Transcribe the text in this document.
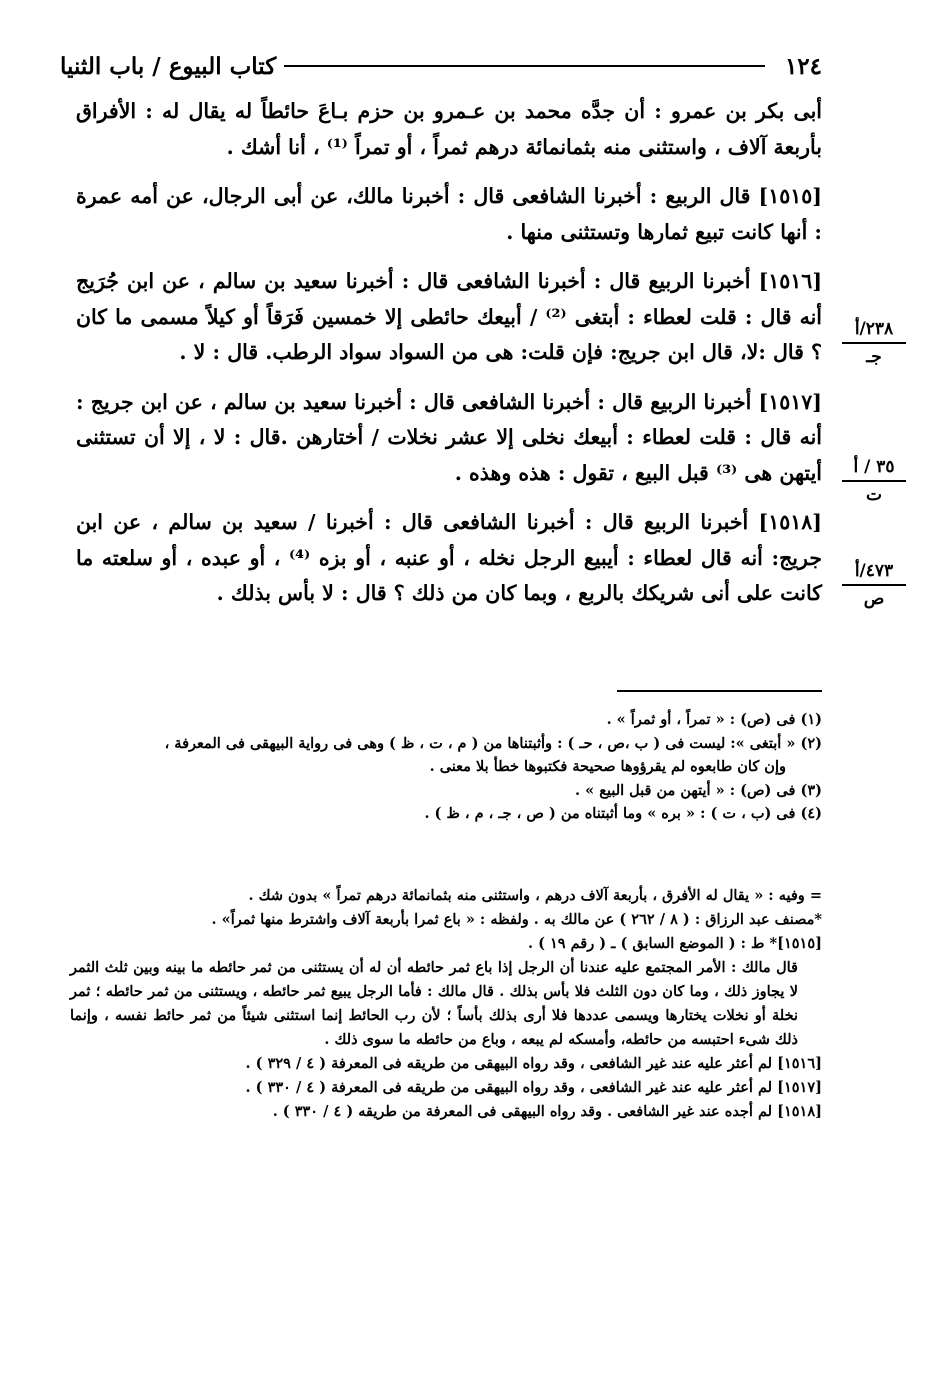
١٢٤
كتاب البيوع / باب الثنيا

أبى بكر بن عمرو : أن جدَّه محمد بن عـمرو بن حزم بـاعَ حائطاً له يقال له : الأفراق بأربعة آلاف ، واستثنى منه بثمانمائة درهم ثمراً ، أو تمراً ⁽¹⁾ ، أنا أشك .

[١٥١٥] قال الربيع : أخبرنا الشافعى قال : أخبرنا مالك، عن أبى الرجال، عن أمه عمرة : أنها كانت تبيع ثمارها وتستثنى منها .

[١٥١٦] أخبرنا الربيع قال : أخبرنا الشافعى قال : أخبرنا سعيد بن سالم ، عن ابن جُرَيج أنه قال : قلت لعطاء : أبتغى ⁽²⁾ / أبيعك حائطى إلا خمسين فَرَقاً أو كيلاً مسمى ما كان ؟ قال :لا، قال ابن جريج: فإن قلت: هى من السواد سواد الرطب. قال : لا .

[١٥١٧] أخبرنا الربيع قال : أخبرنا الشافعى قال : أخبرنا سعيد بن سالم ، عن ابن جريج : أنه قال : قلت لعطاء : أبيعك نخلى إلا عشر نخلات / أختارهن .قال : لا ، إلا أن تستثنى أيتهن هى ⁽³⁾ قبل البيع ، تقول : هذه وهذه .

[١٥١٨] أخبرنا الربيع قال : أخبرنا الشافعى قال : أخبرنا / سعيد بن سالم ، عن ابن جريج: أنه قال لعطاء : أيبيع الرجل نخله ، أو عنبه ، أو بزه ⁽⁴⁾ ، أو عبده ، أو سلعته ما كانت على أنى شريكك بالربع ، وبما كان من ذلك ؟ قال : لا بأس بذلك .

٢٣٨/أ
جـ
٣٥ / أ
ت
٤٧٣/أ
ص

(١) فى (ص) : « تمراً ، أو ثمراً » .

(٢) « أبتغى »: ليست فى ( ب ،ص ، حـ ) : وأثبتناها من ( م ، ت ، ظ ) وهى فى رواية البيهقى فى المعرفة ،

وإن كان طابعوه لم يقرؤوها صحيحة فكتبوها خطأ بلا معنى .

(٣) فى (ص) : « أيتهن من قبل البيع » .

(٤) فى (ب ، ت ) : « بره » وما أثبتناه من ( ص ، جـ ، م ، ظ ) .

= وفيه : « يقال له الأفرق ، بأربعة آلاف درهم ، واستثنى منه بثمانمائة درهم تمراً » بدون شك .

*مصنف عبد الرزاق : ( ٨ / ٢٦٢ ) عن مالك به . ولفظه : « باع ثمرا بأربعة آلاف واشترط منها ثمراً» .

[١٥١٥]* ط : ( الموضع السابق ) ـ ( رقم ١٩ ) .

قال مالك : الأمر المجتمع عليه عندنا أن الرجل إذا باع ثمر حائطه أن له أن يستثنى من ثمر حائطه ما بينه وبين ثلث الثمر لا يجاوز ذلك ، وما كان دون الثلث فلا بأس بذلك . قال مالك : فأما الرجل يبيع ثمر حائطه ، ويستثنى من ثمر حائطه ؛ ثمر نخلة أو نخلات يختارها ويسمى عددها فلا أرى بذلك بأساً ؛ لأن رب الحائط إنما استثنى شيئاً من ثمر حائط نفسه ، وإنما ذلك شىء احتبسه من حائطه، وأمسكه لم يبعه ، وباع من حائطه ما سوى ذلك .

[١٥١٦] لم أعثر عليه عند غير الشافعى ، وقد رواه البيهقى من طريقه فى المعرفة ( ٤ / ٣٢٩ ) .

[١٥١٧] لم أعثر عليه عند غير الشافعى ، وقد رواه البيهقى من طريقه فى المعرفة ( ٤ / ٣٣٠ ) .

[١٥١٨] لم أجده عند غير الشافعى . وقد رواه البيهقى فى المعرفة من طريقه ( ٤ / ٣٣٠ ) .
